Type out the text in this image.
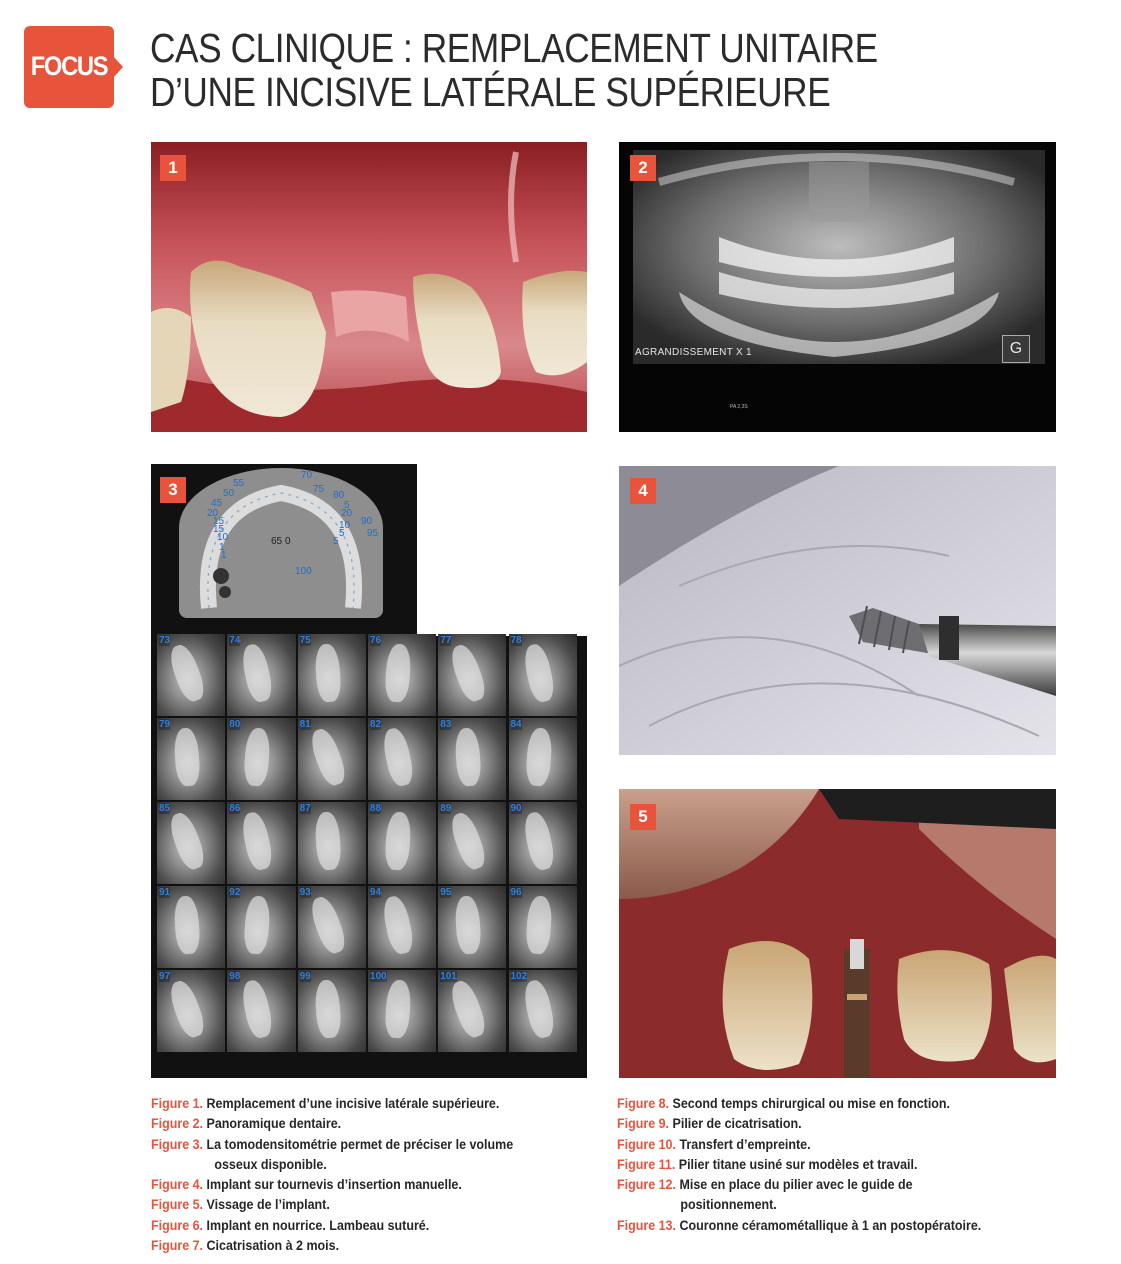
FOCUS CAS CLINIQUE : REMPLACEMENT UNITAIRE
D’UNE INCISIVE LATÉRALE SUPÉRIEURE
1
AGRANDISSEMENT X 1	G
PA 2,3S
2
70
55
75
50	80
45
20
5
15
20
90
15	10
95
10	5
1
5
1
65 0
100
73	74	75	76	77	78
79	80	81	82	83	84
85	86	87	88	89	90
91	92	93	94	95	96
97	98	99	100	101	102
3	4
5
Figure 1. Remplacement d’une incisive latérale supérieure.
Figure 2. Panoramique dentaire.
Figure 3. La tomodensitométrie permet de préciser le volume
osseux disponible.
Figure 4. Implant sur tournevis d’insertion manuelle.
Figure 5. Vissage de l’implant.
Figure 6. Implant en nourrice. Lambeau suturé.
Figure 7. Cicatrisation à 2 mois.
Figure 8. Second temps chirurgical ou mise en fonction.
Figure 9. Pilier de cicatrisation.
Figure 10. Transfert d’empreinte.
Figure 11. Pilier titane usiné sur modèles et travail.
Figure 12. Mise en place du pilier avec le guide de
positionnement.
Figure 13. Couronne céramométallique à 1 an postopératoire.
